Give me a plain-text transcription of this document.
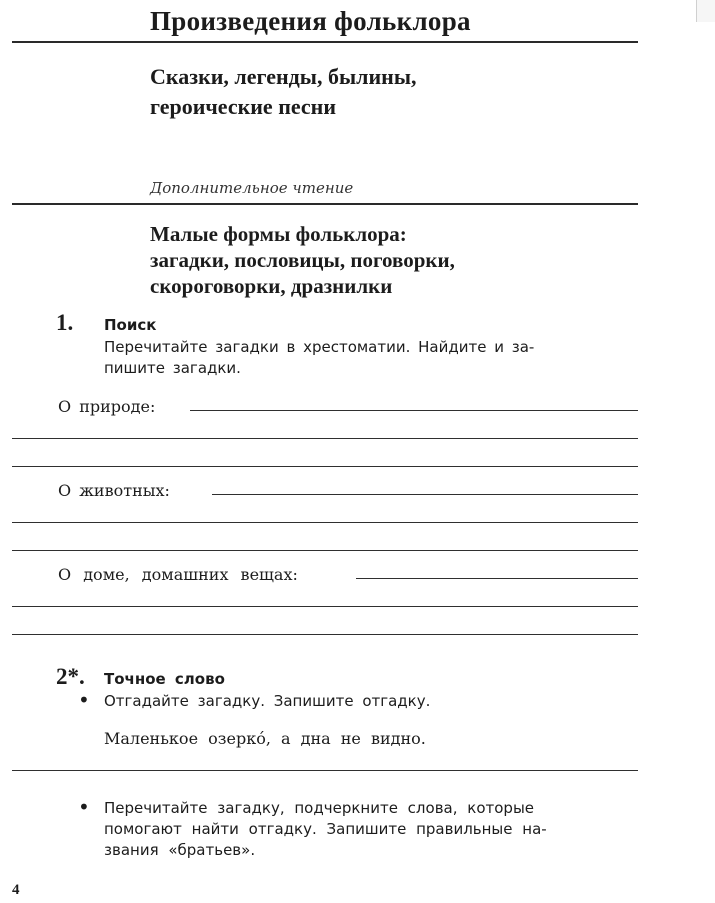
Произведения фольклора
Сказки, легенды, былины,
героические песни
Дополнительное чтение
Малые формы фольклора:
загадки, пословицы, поговорки,
скороговорки, дразнилки
1. Поиск
Перечитайте загадки в хрестоматии. Найдите и за-
пишите загадки.
О природе:
О животных:
О доме, домашних вещах:
2*. Точное слово
• Отгадайте загадку. Запишите отгадку.
Маленькое озеркó, а дна не видно.
• Перечитайте загадку, подчеркните слова, которые
помогают найти отгадку. Запишите правильные на-
звания «братьев».
4
